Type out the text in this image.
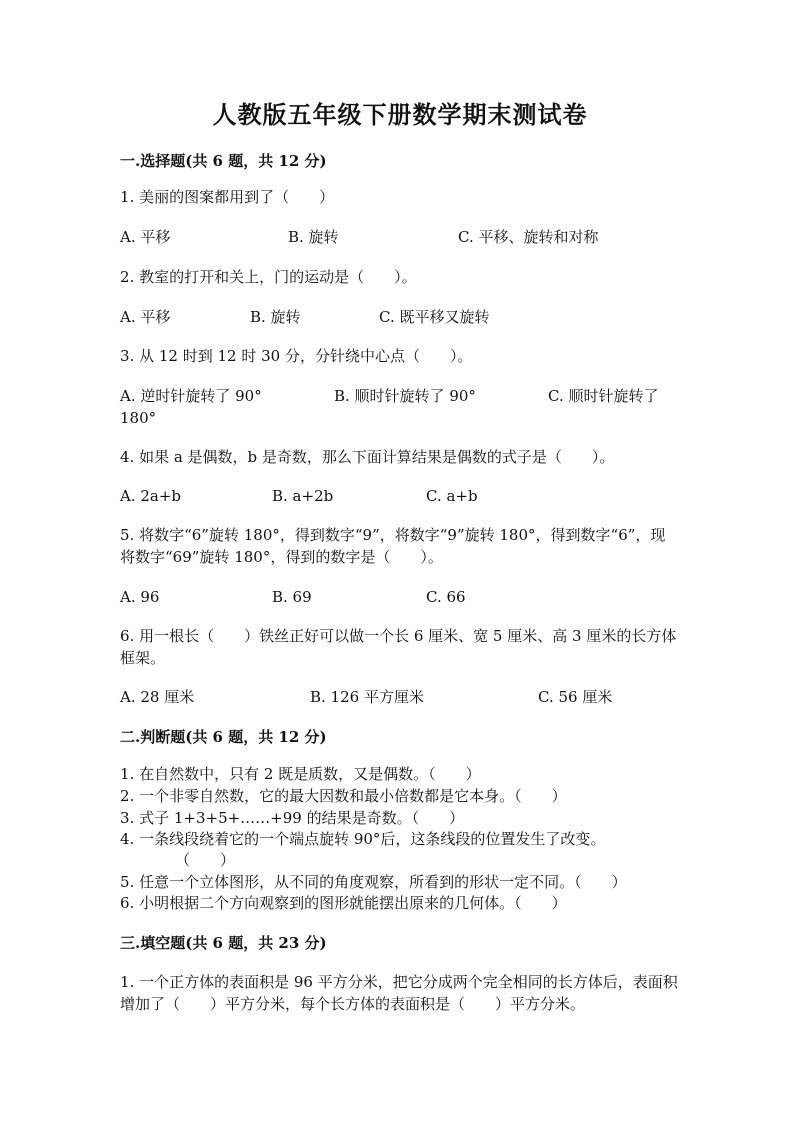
人教版五年级下册数学期末测试卷
一.选择题(共 6 题，共 12 分)
1. 美丽的图案都用到了（　　）
A. 平移	B. 旋转	C. 平移、旋转和对称
2. 教室的打开和关上，门的运动是（　　）。
A. 平移	B. 旋转	C. 既平移又旋转
3. 从 12 时到 12 时 30 分，分针绕中心点（　　）。
A. 逆时针旋转了 90°	B. 顺时针旋转了 90°	C. 顺时针旋转了
180°
4. 如果 a 是偶数，b 是奇数，那么下面计算结果是偶数的式子是（　　）。
A. 2a+b	B. a+2b	C. a+b
5. 将数字“6”旋转 180°，得到数字“9”，将数字“9”旋转 180°，得到数字“6”，现将数字“69”旋转 180°，得到的数字是（　　）。
A. 96	B. 69	C. 66
6. 用一根长（　　）铁丝正好可以做一个长 6 厘米、宽 5 厘米、高 3 厘米的长方体框架。
A. 28 厘米	B. 126 平方厘米	C. 56 厘米
二.判断题(共 6 题，共 12 分)
1. 在自然数中，只有 2 既是质数，又是偶数。（　　）
2. 一个非零自然数，它的最大因数和最小倍数都是它本身。（　　）
3. 式子 1+3+5+……+99 的结果是奇数。（　　）
4. 一条线段绕着它的一个端点旋转 90°后，这条线段的位置发生了改变。
（　　）
5. 任意一个立体图形，从不同的角度观察，所看到的形状一定不同。（　　）
6. 小明根据二个方向观察到的图形就能摆出原来的几何体。（　　）
三.填空题(共 6 题，共 23 分)
1. 一个正方体的表面积是 96 平方分米，把它分成两个完全相同的长方体后，表面积增加了（　　）平方分米，每个长方体的表面积是（　　）平方分米。
